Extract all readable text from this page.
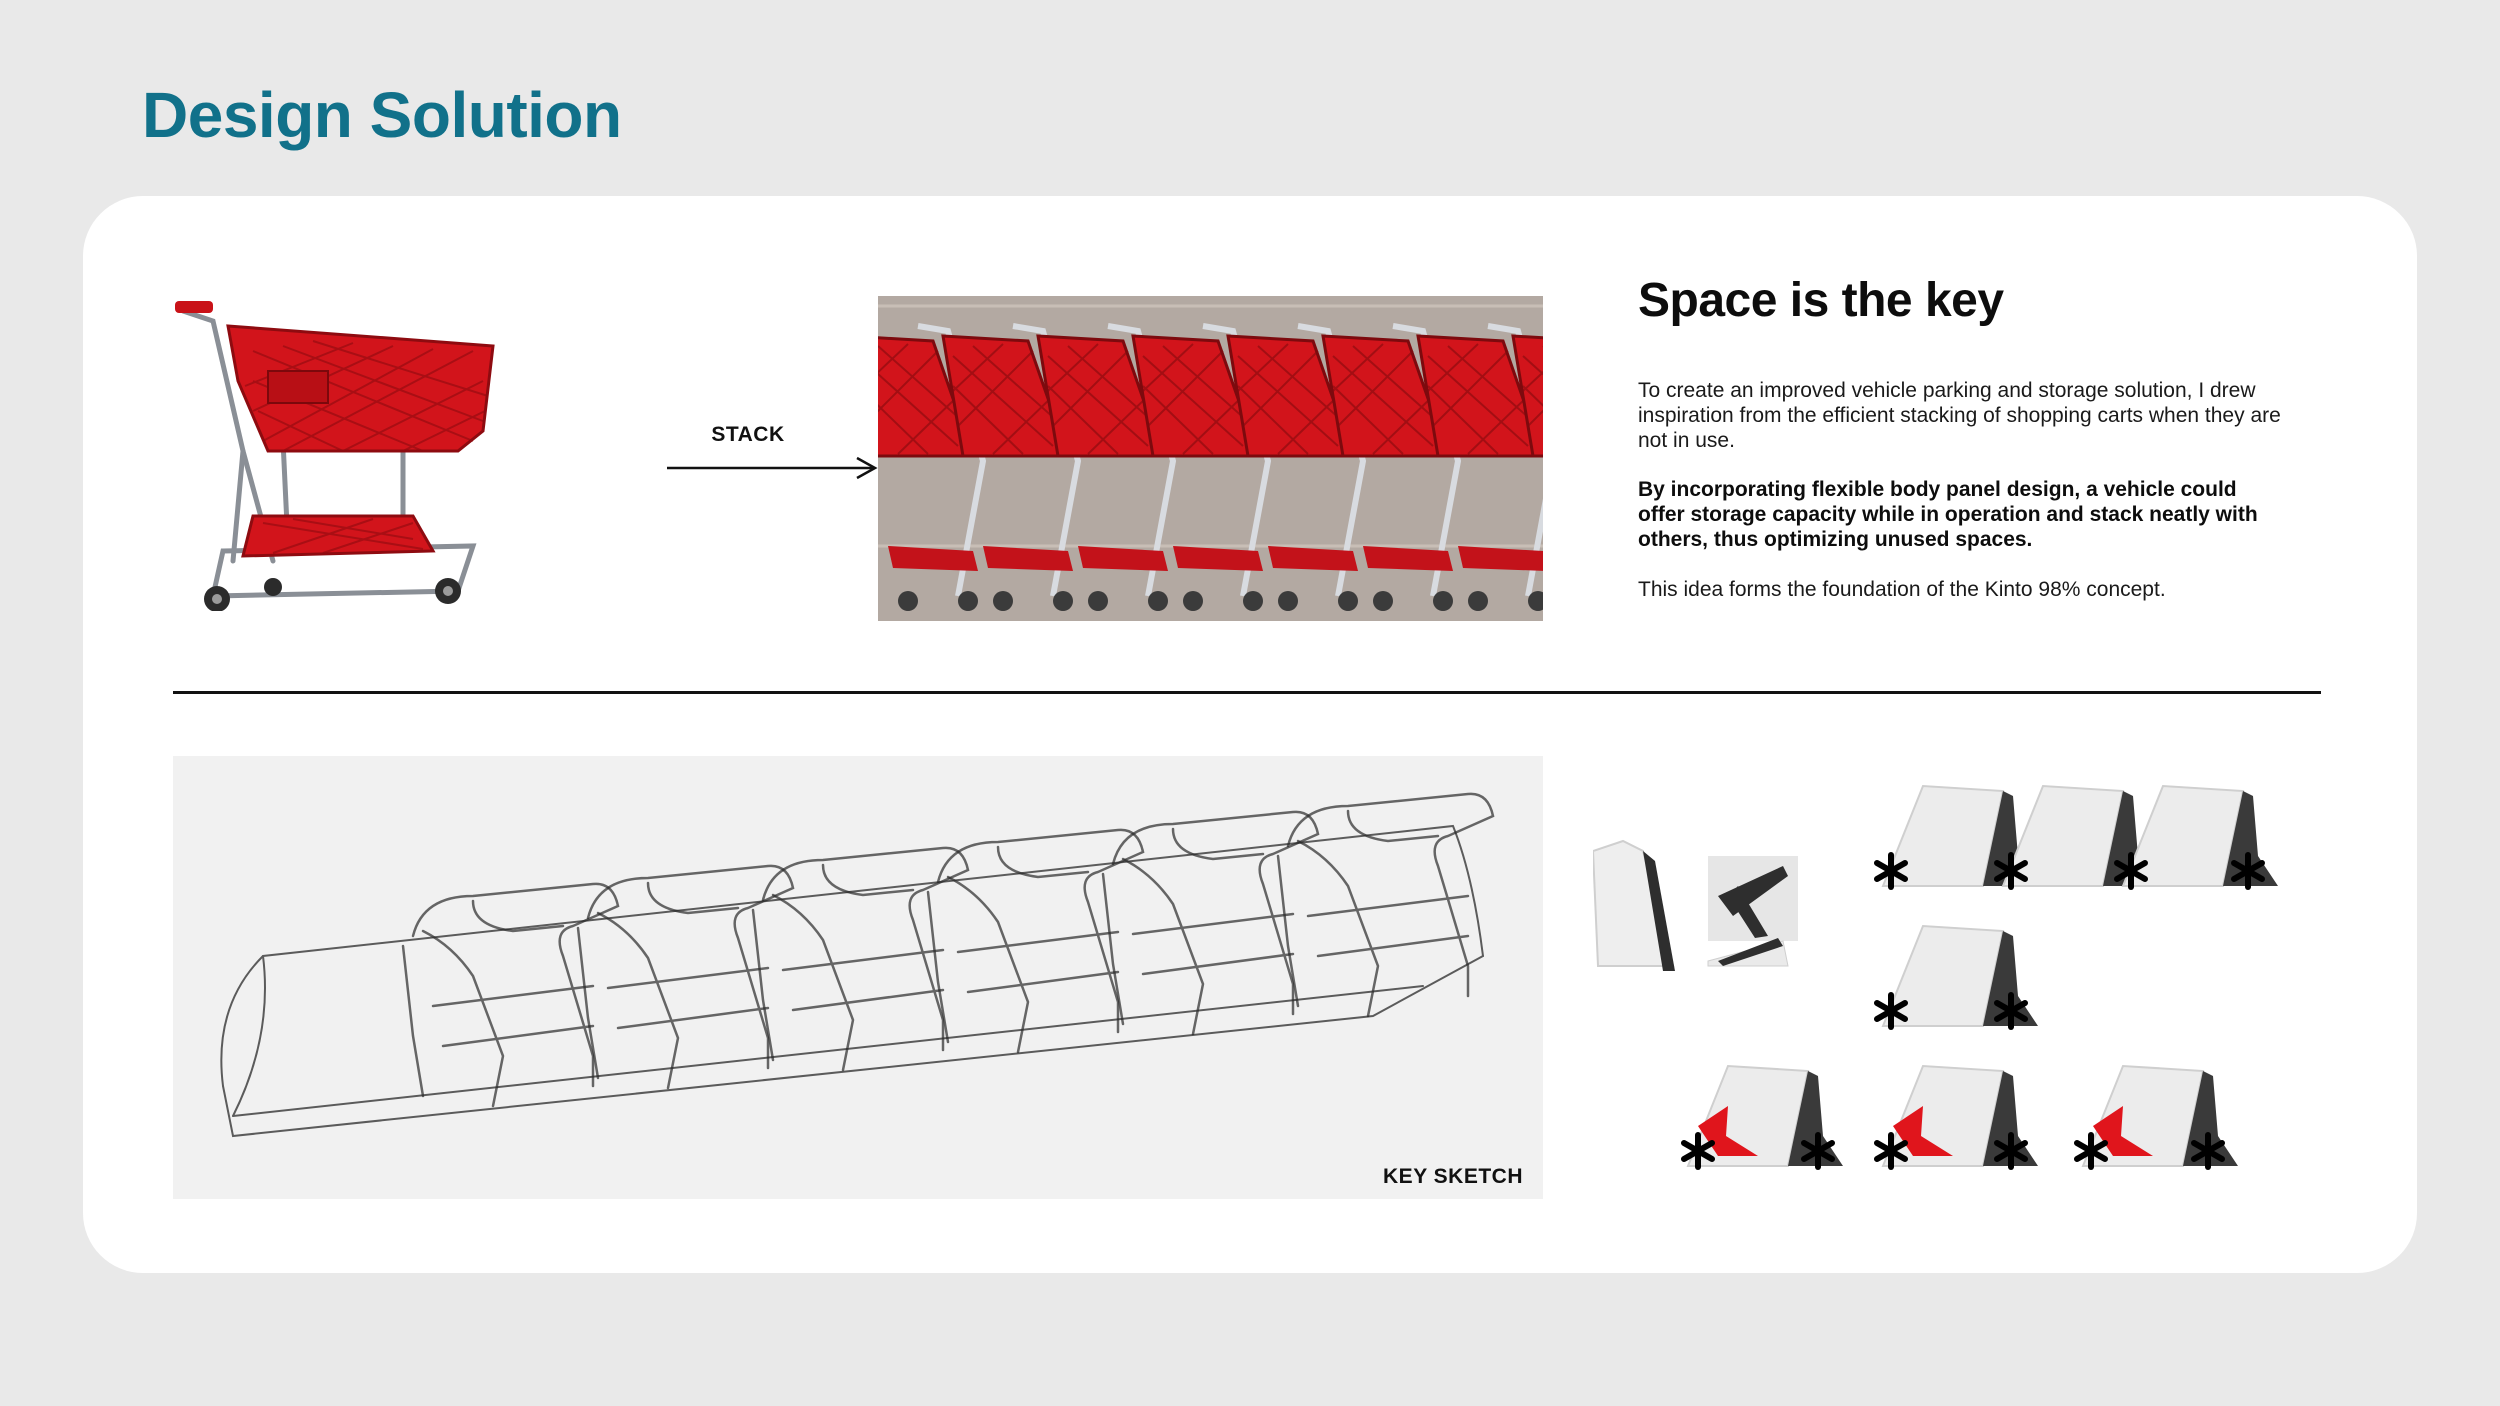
Design Solution
STACK
Space is the key

To create an improved vehicle parking and storage solution, I drew inspiration from the efficient stacking of shopping carts when they are not in use.

By incorporating flexible body panel design, a vehicle could offer storage capacity while in operation and stack neatly with others, thus optimizing unused spaces.

This idea forms the foundation of the Kinto 98% concept.

KEY SKETCH
